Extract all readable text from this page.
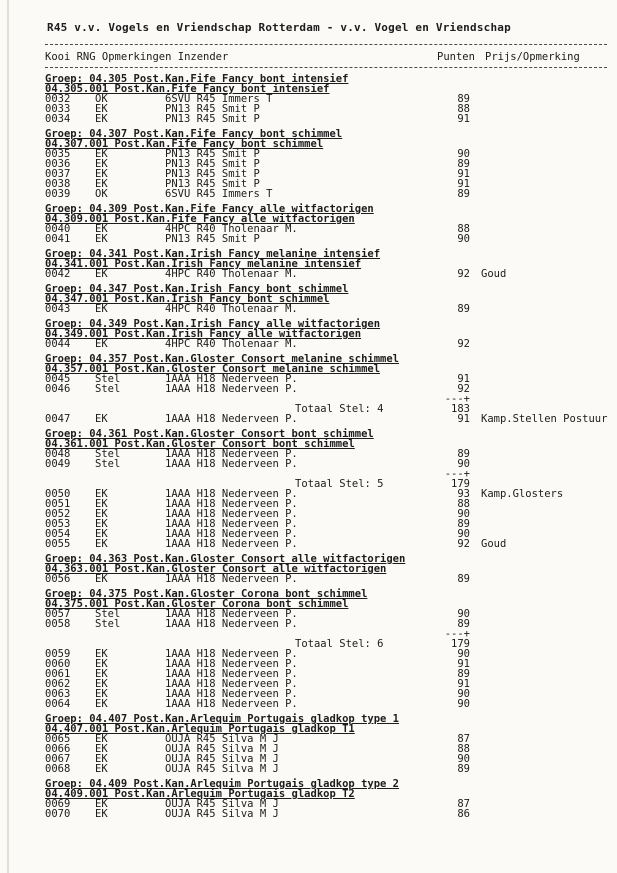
R45 v.v. Vogels en Vriendschap Rotterdam - v.v. Vogel en Vriendschap
Kooi RNG Opmerkingen Inzender	Punten Prijs/Opmerking
Groep: 04.305 Post.Kan.Fife Fancy bont intensief
04.305.001 Post.Kan.Fife Fancy bont intensief
0032 OK	6SVU R45 Immers T	89
0033 EK	PN13 R45 Smit P	88
0034 EK	PN13 R45 Smit P	91
Groep: 04.307 Post.Kan.Fife Fancy bont schimmel
04.307.001 Post.Kan.Fife Fancy bont schimmel
0035 EK	PN13 R45 Smit P	90
0036 EK	PN13 R45 Smit P	89
0037 EK	PN13 R45 Smit P	91
0038 EK	PN13 R45 Smit P	91
0039 OK	6SVU R45 Immers T	89
Groep: 04.309 Post.Kan.Fife Fancy alle witfactorigen
04.309.001 Post.Kan.Fife Fancy alle witfactorigen
0040 EK	4HPC R40 Tholenaar M.	88
0041 EK	PN13 R45 Smit P	90
Groep: 04.341 Post.Kan.Irish Fancy melanine intensief
04.341.001 Post.Kan.Irish Fancy melanine intensief
0042 EK	4HPC R40 Tholenaar M.	92 Goud
Groep: 04.347 Post.Kan.Irish Fancy bont schimmel
04.347.001 Post.Kan.Irish Fancy bont schimmel
0043 EK	4HPC R40 Tholenaar M.	89
Groep: 04.349 Post.Kan.Irish Fancy alle witfactorigen
04.349.001 Post.Kan.Irish Fancy alle witfactorigen
0044 EK	4HPC R40 Tholenaar M.	92
Groep: 04.357 Post.Kan.Gloster Consort melanine schimmel
04.357.001 Post.Kan.Gloster Consort melanine schimmel
0045 Stel	1AAA H18 Nederveen P.	91
0046 Stel	1AAA H18 Nederveen P.	92
---+
Totaal Stel: 4	183
0047 EK	1AAA H18 Nederveen P.	91 Kamp.Stellen Postuur
Groep: 04.361 Post.Kan.Gloster Consort bont schimmel
04.361.001 Post.Kan.Gloster Consort bont schimmel
0048 Stel	1AAA H18 Nederveen P.	89
0049 Stel	1AAA H18 Nederveen P.	90
---+
Totaal Stel: 5	179
0050 EK	1AAA H18 Nederveen P.	93 Kamp.Glosters
0051 EK	1AAA H18 Nederveen P.	88
0052 EK	1AAA H18 Nederveen P.	90
0053 EK	1AAA H18 Nederveen P.	89
0054 EK	1AAA H18 Nederveen P.	90
0055 EK	1AAA H18 Nederveen P.	92 Goud
Groep: 04.363 Post.Kan.Gloster Consort alle witfactorigen
04.363.001 Post.Kan.Gloster Consort alle witfactorigen
0056 EK	1AAA H18 Nederveen P.	89
Groep: 04.375 Post.Kan.Gloster Corona bont schimmel
04.375.001 Post.Kan.Gloster Corona bont schimmel
0057 Stel	1AAA H18 Nederveen P.	90
0058 Stel	1AAA H18 Nederveen P.	89
---+
Totaal Stel: 6	179
0059 EK	1AAA H18 Nederveen P.	90
0060 EK	1AAA H18 Nederveen P.	91
0061 EK	1AAA H18 Nederveen P.	89
0062 EK	1AAA H18 Nederveen P.	91
0063 EK	1AAA H18 Nederveen P.	90
0064 EK	1AAA H18 Nederveen P.	90
Groep: 04.407 Post.Kan.Arlequim Portugais gladkop type 1
04.407.001 Post.Kan.Arlequim Portugais gladkop T1
0065 EK	OUJA R45 Silva M J	87
0066 EK	OUJA R45 Silva M J	88
0067 EK	OUJA R45 Silva M J	90
0068 EK	OUJA R45 Silva M J	89
Groep: 04.409 Post.Kan.Arlequim Portugais gladkop type 2
04.409.001 Post.Kan.Arlequim Portugais gladkop T2
0069 EK	OUJA R45 Silva M J	87
0070 EK	OUJA R45 Silva M J	86
